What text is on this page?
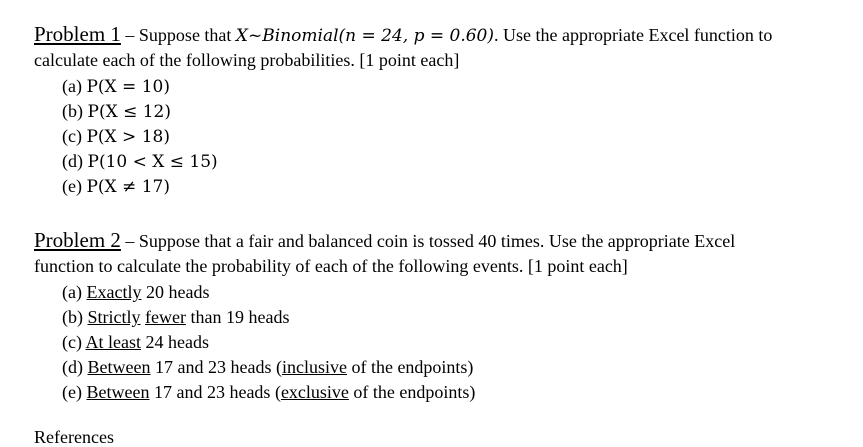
Problem 1 – Suppose that X~Binomial(n = 24, p = 0.60). Use the appropriate Excel function to
calculate each of the following probabilities. [1 point each]
(a) P(X = 10)
(b) P(X ≤ 12)
(c) P(X > 18)
(d) P(10 < X ≤ 15)
(e) P(X ≠ 17)
Problem 2 – Suppose that a fair and balanced coin is tossed 40 times. Use the appropriate Excel
function to calculate the probability of each of the following events. [1 point each]
(a) Exactly 20 heads
(b) Strictly fewer than 19 heads
(c) At least 24 heads
(d) Between 17 and 23 heads (inclusive of the endpoints)
(e) Between 17 and 23 heads (exclusive of the endpoints)
References
